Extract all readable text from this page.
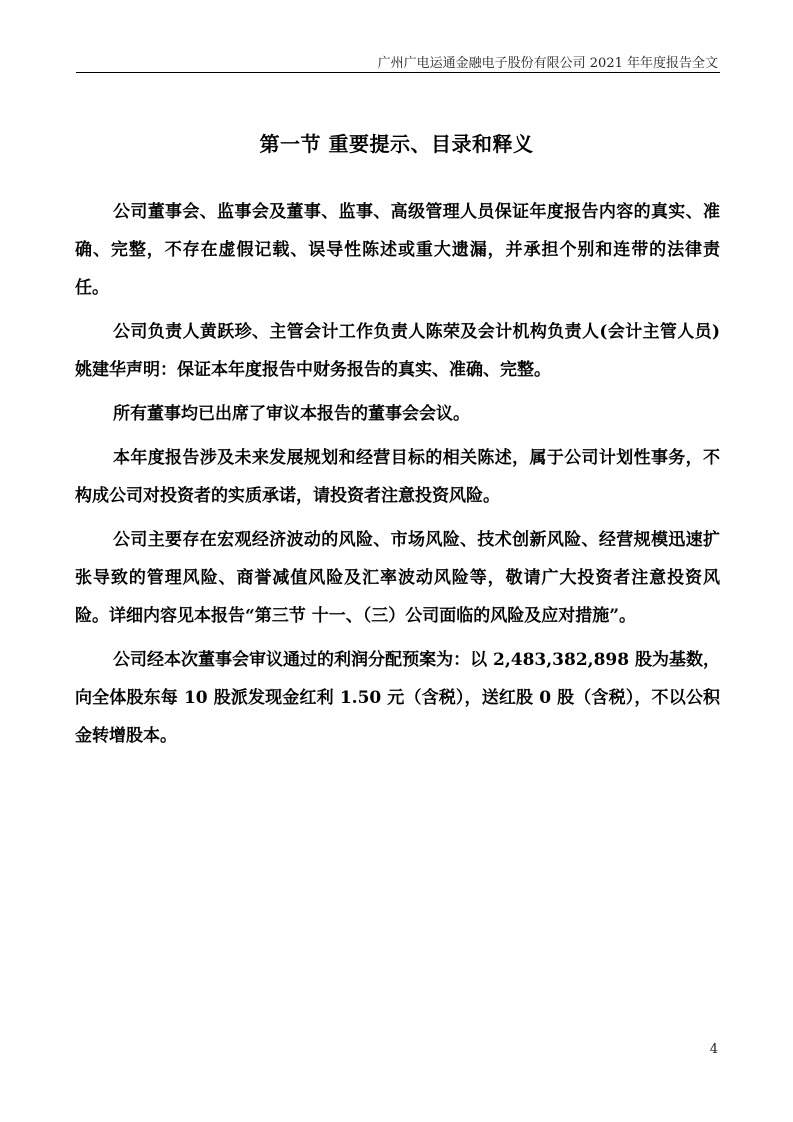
广州广电运通金融电子股份有限公司 2021 年年度报告全文
第一节 重要提示、目录和释义

公司董事会、监事会及董事、监事、高级管理人员保证年度报告内容的真实、准确、完整，不存在虚假记载、误导性陈述或重大遗漏，并承担个别和连带的法律责任。

公司负责人黄跃珍、主管会计工作负责人陈荣及会计机构负责人(会计主管人员)姚建华声明：保证本年度报告中财务报告的真实、准确、完整。

所有董事均已出席了审议本报告的董事会会议。

本年度报告涉及未来发展规划和经营目标的相关陈述，属于公司计划性事务，不构成公司对投资者的实质承诺，请投资者注意投资风险。

公司主要存在宏观经济波动的风险、市场风险、技术创新风险、经营规模迅速扩张导致的管理风险、商誉减值风险及汇率波动风险等，敬请广大投资者注意投资风险。详细内容见本报告“第三节 十一、（三）公司面临的风险及应对措施”。

公司经本次董事会审议通过的利润分配预案为：以 2,483,382,898 股为基数，向全体股东每 10 股派发现金红利 1.50 元（含税），送红股 0 股（含税），不以公积金转增股本。

4
